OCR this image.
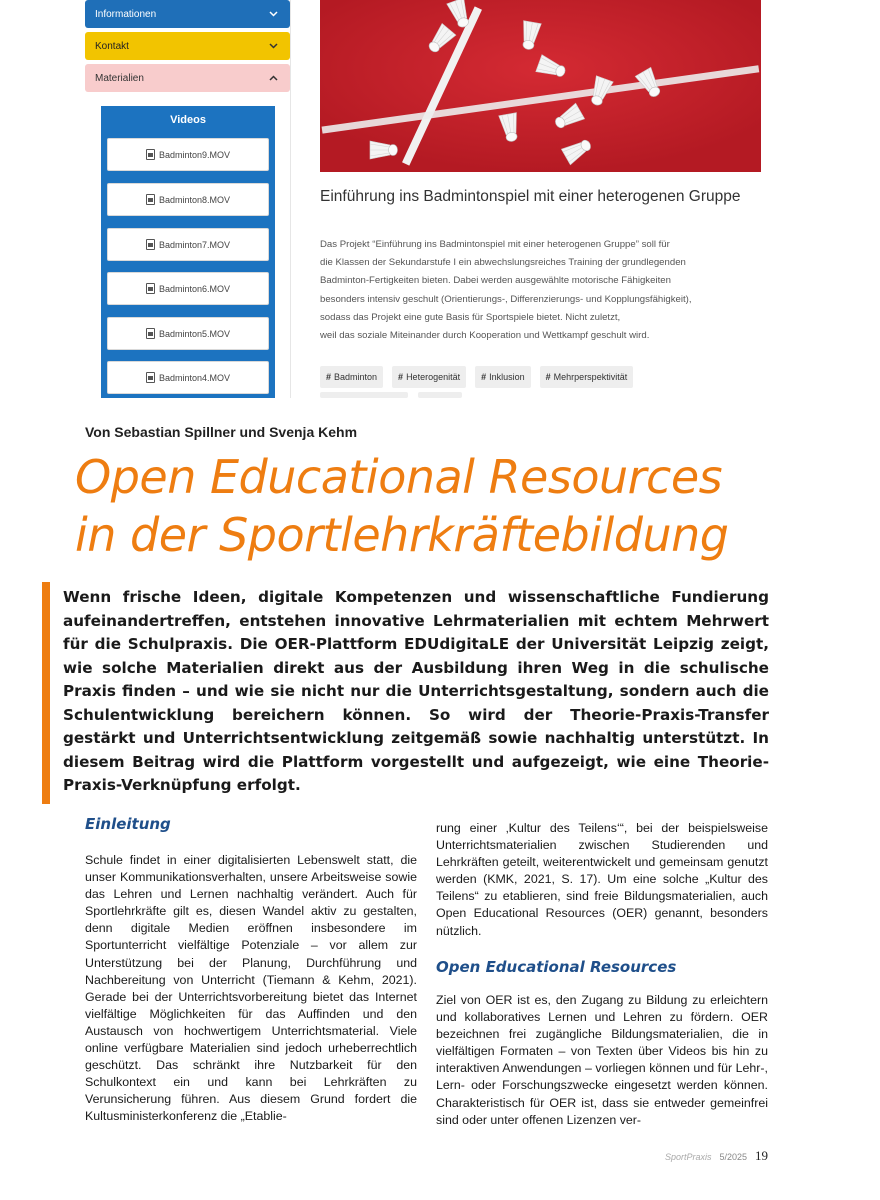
Informationen
Kontakt
Materialien
Videos
Badminton9.MOV
Badminton8.MOV
Badminton7.MOV
Badminton6.MOV
Badminton5.MOV
Badminton4.MOV
Einführung ins Badmintonspiel mit einer heterogenen Gruppe
Das Projekt “Einführung ins Badmintonspiel mit einer heterogenen Gruppe” soll für
die Klassen der Sekundarstufe I ein abwechslungsreiches Training der grundlegenden
Badminton-Fertigkeiten bieten. Dabei werden ausgewählte motorische Fähigkeiten
besonders intensiv geschult (Orientierungs-, Differenzierungs- und Kopplungsfähigkeit),
sodass das Projekt eine gute Basis für Sportspiele bietet. Nicht zuletzt,
weil das soziale Miteinander durch Kooperation und Wettkampf geschult wird.
# Badminton # Heterogenität # Inklusion # Mehrperspektivität
Von Sebastian Spillner und Svenja Kehm
Open Educational Resources
in der Sportlehrkräftebildung
Wenn frische Ideen, digitale Kompetenzen und wissenschaftliche Fundierung aufeinandertreffen, entstehen innovative Lehrmaterialien mit echtem Mehrwert für die Schulpraxis. Die OER-Plattform EDUdigitaLE der Universität Leipzig zeigt, wie solche Materialien direkt aus der Ausbildung ihren Weg in die schulische Praxis finden – und wie sie nicht nur die Unterrichtsgestaltung, sondern auch die Schulentwicklung bereichern können. So wird der Theorie-Praxis-Transfer gestärkt und Unterrichtsentwicklung zeitgemäß sowie nachhaltig unterstützt. In diesem Beitrag wird die Plattform vorgestellt und aufgezeigt, wie eine Theorie-Praxis-Verknüpfung erfolgt.
Einleitung
Schule findet in einer digitalisierten Lebenswelt statt, die unser Kommunikationsverhalten, unsere Arbeitsweise sowie das Lehren und Lernen nachhaltig verändert. Auch für Sportlehrkräfte gilt es, diesen Wandel aktiv zu gestalten, denn digitale Medien eröffnen insbesondere im Sportunterricht vielfältige Potenziale – vor allem zur Unterstützung bei der Planung, Durchführung und Nachbereitung von Unterricht (Tiemann & Kehm, 2021). Gerade bei der Unterrichtsvorbereitung bietet das Internet vielfältige Möglichkeiten für das Auffinden und den Austausch von hochwertigem Unterrichtsmaterial. Viele online verfügbare Materialien sind jedoch urheberrechtlich geschützt. Das schränkt ihre Nutzbarkeit für den Schulkontext ein und kann bei Lehrkräften zu Verunsicherung führen. Aus diesem Grund fordert die Kultusministerkonferenz die „Etablie-
rung einer ‚Kultur des Teilens‘“, bei der beispielsweise Unterrichtsmaterialien zwischen Studierenden und Lehrkräften geteilt, weiterentwickelt und gemeinsam genutzt werden (KMK, 2021, S. 17). Um eine solche „Kultur des Teilens“ zu etablieren, sind freie Bildungsmaterialien, auch Open Educational Resources (OER) genannt, besonders nützlich.
Open Educational Resources
Ziel von OER ist es, den Zugang zu Bildung zu erleichtern und kollaboratives Lernen und Lehren zu fördern. OER bezeichnen frei zugängliche Bildungsmaterialien, die in vielfältigen Formaten – von Texten über Videos bis hin zu interaktiven Anwendungen – vorliegen können und für Lehr-, Lern- oder Forschungszwecke eingesetzt werden können. Charakteristisch für OER ist, dass sie entweder gemeinfrei sind oder unter offenen Lizenzen ver-
SportPraxis 5/2025 19
